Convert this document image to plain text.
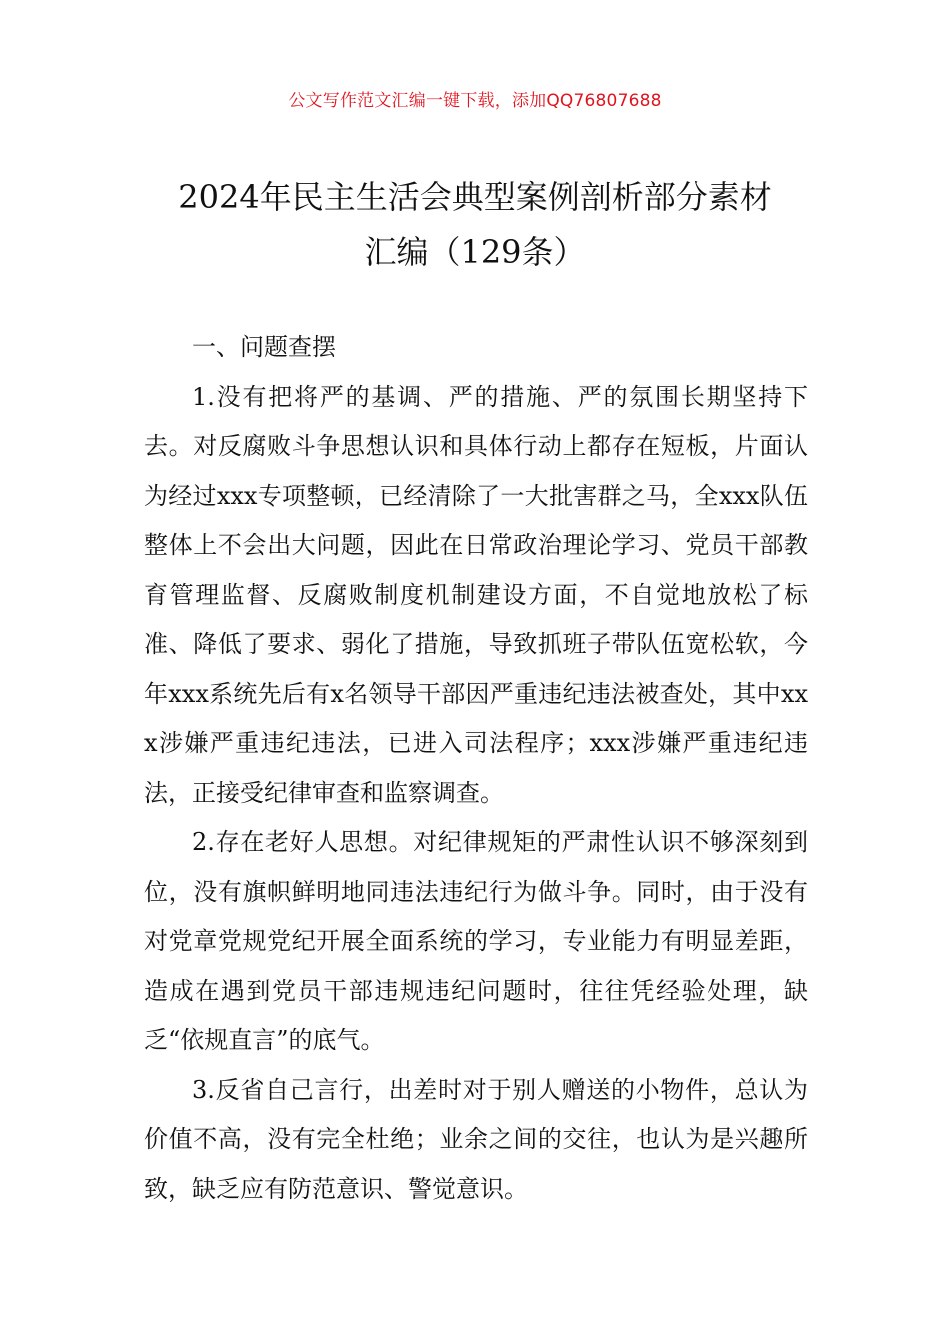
公文写作范文汇编一键下载，添加QQ76807688
2024年民主生活会典型案例剖析部分素材
汇编（129条）

一、问题查摆

1.没有把将严的基调、严的措施、严的氛围长期坚持下去。对反腐败斗争思想认识和具体行动上都存在短板，片面认为经过xxx专项整顿，已经清除了一大批害群之马，全xxx队伍整体上不会出大问题，因此在日常政治理论学习、党员干部教育管理监督、反腐败制度机制建设方面，不自觉地放松了标准、降低了要求、弱化了措施，导致抓班子带队伍宽松软，今年xxx系统先后有x名领导干部因严重违纪违法被查处，其中xxx涉嫌严重违纪违法，已进入司法程序；xxx涉嫌严重违纪违法，正接受纪律审查和监察调查。

2.存在老好人思想。对纪律规矩的严肃性认识不够深刻到位，没有旗帜鲜明地同违法违纪行为做斗争。同时，由于没有对党章党规党纪开展全面系统的学习，专业能力有明显差距，造成在遇到党员干部违规违纪问题时，往往凭经验处理，缺乏“依规直言”的底气。

3.反省自己言行，出差时对于别人赠送的小物件，总认为价值不高，没有完全杜绝；业余之间的交往，也认为是兴趣所致，缺乏应有防范意识、警觉意识。
